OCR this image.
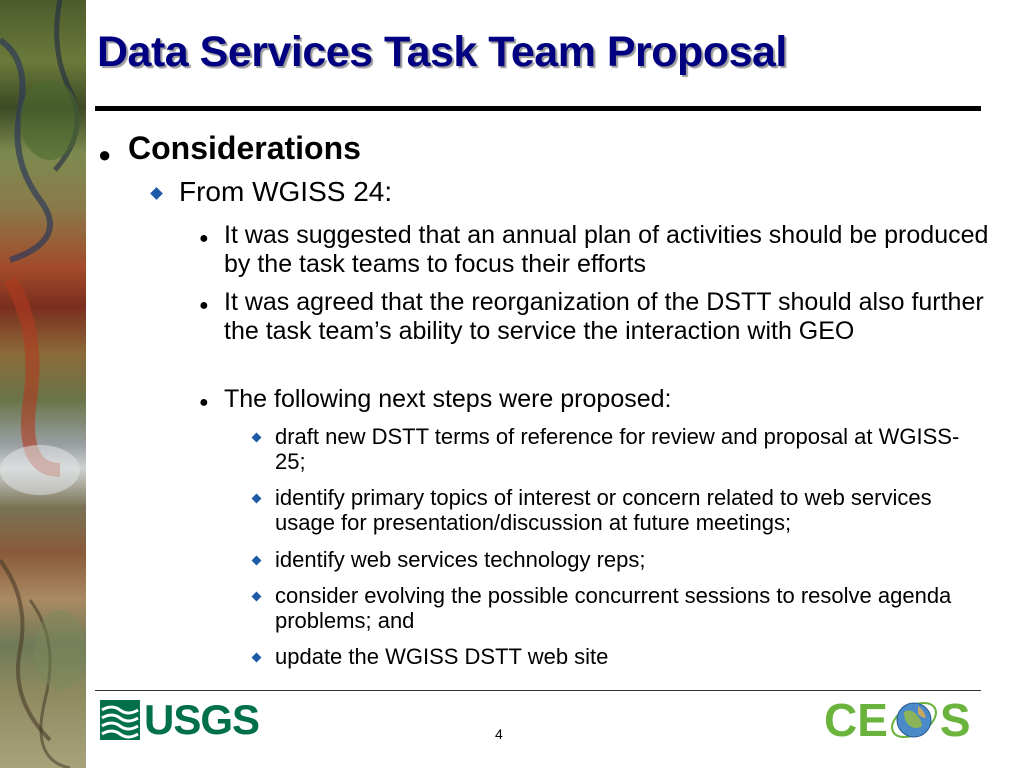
Data Services Task Team Proposal
● Considerations
From WGISS 24:
● It was suggested that an annual plan of activities should be produced by the task teams to focus their efforts
● It was agreed that the reorganization of the DSTT should also further the task team’s ability to service the interaction with GEO
● The following next steps were proposed:
draft new DSTT terms of reference for review and proposal at WGISS-25;
identify primary topics of interest or concern related to web services usage for presentation/discussion at future meetings;
identify web services technology reps;
consider evolving the possible concurrent sessions to resolve agenda problems; and
update the WGISS DSTT web site
USGS	4	C E S
